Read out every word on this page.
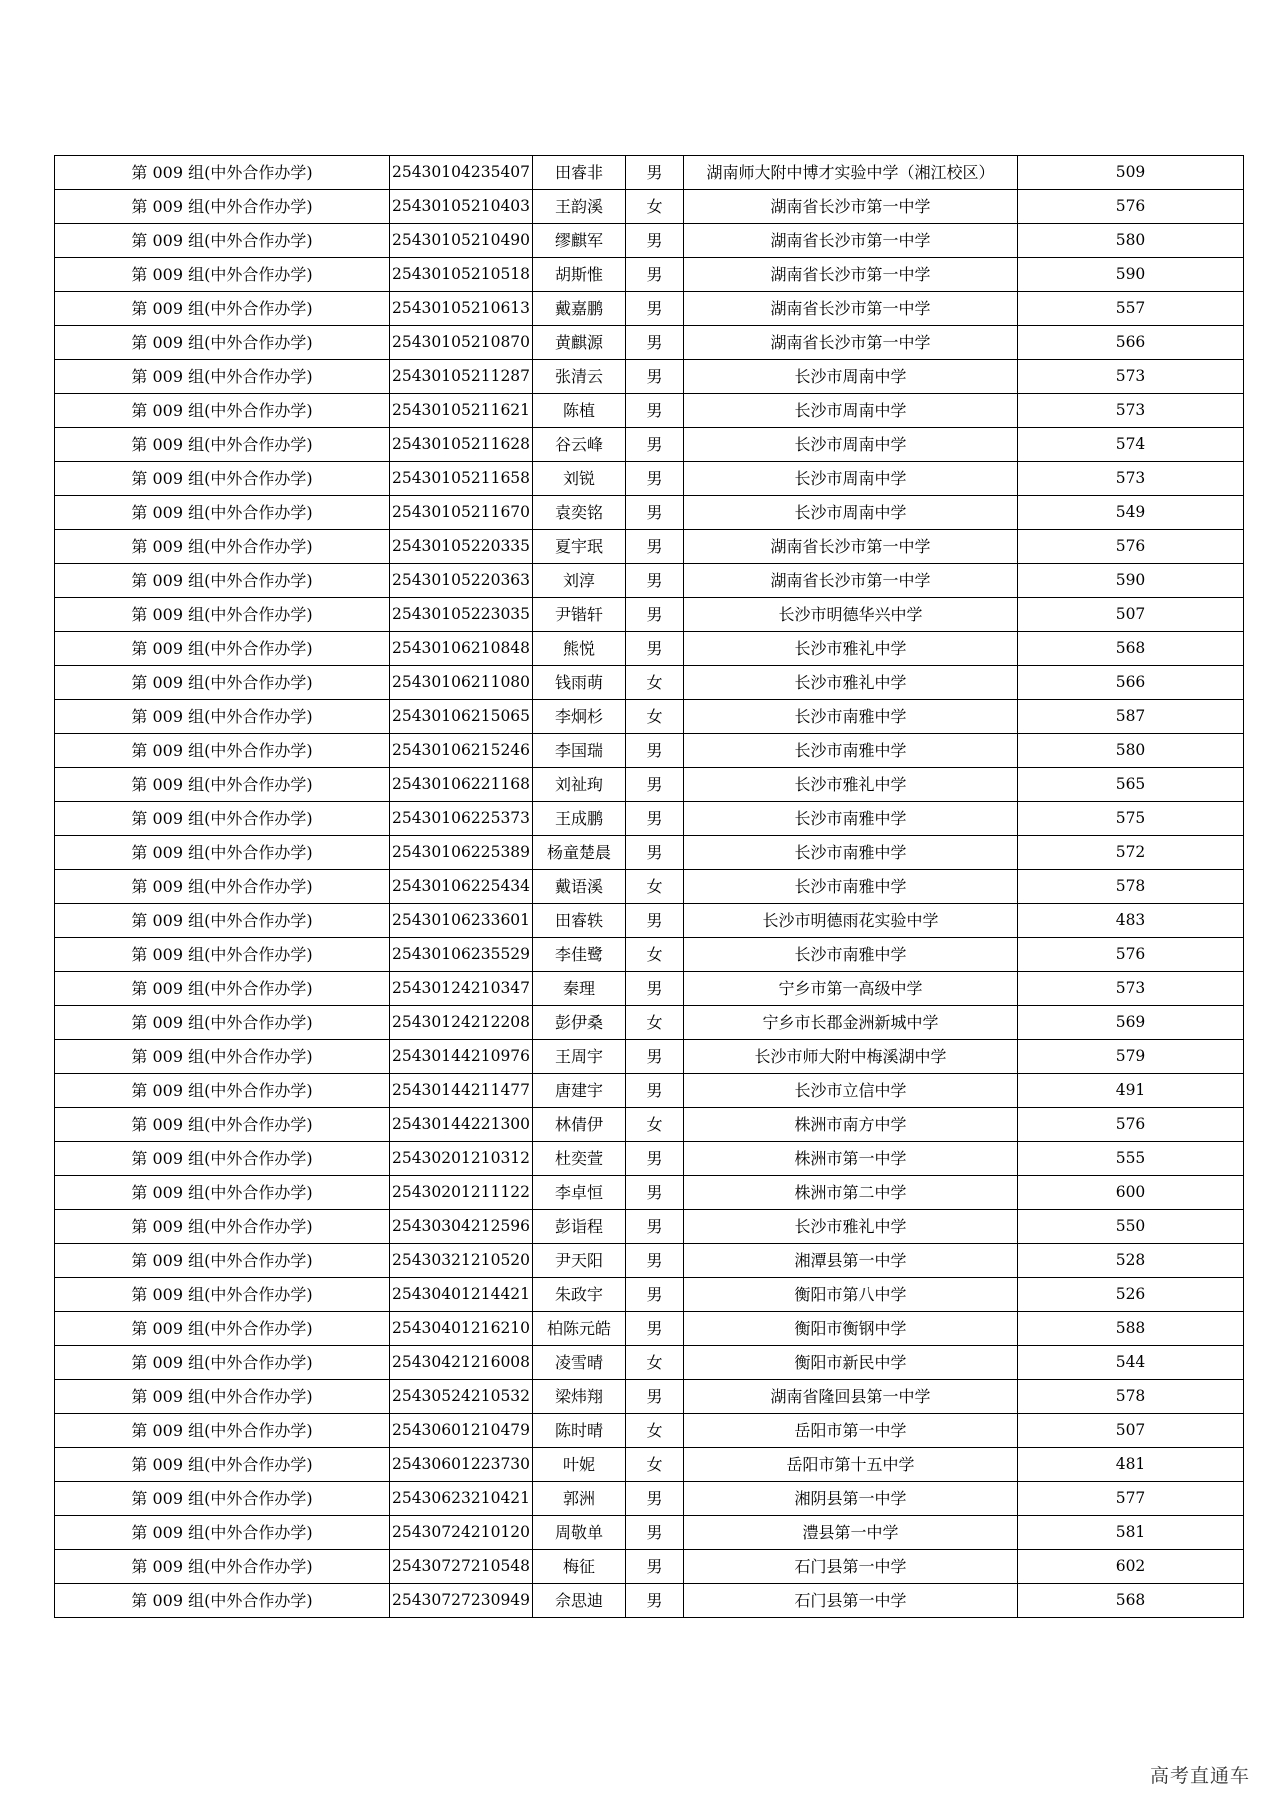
第 009 组(中外合作办学)	25430104235407	田睿非	男	湖南师大附中博才实验中学（湘江校区）	509
第 009 组(中外合作办学)	25430105210403	王韵溪	女	湖南省长沙市第一中学	576
第 009 组(中外合作办学)	25430105210490	缪麒军	男	湖南省长沙市第一中学	580
第 009 组(中外合作办学)	25430105210518	胡斯惟	男	湖南省长沙市第一中学	590
第 009 组(中外合作办学)	25430105210613	戴嘉鹏	男	湖南省长沙市第一中学	557
第 009 组(中外合作办学)	25430105210870	黄麒源	男	湖南省长沙市第一中学	566
第 009 组(中外合作办学)	25430105211287	张清云	男	长沙市周南中学	573
第 009 组(中外合作办学)	25430105211621	陈植	男	长沙市周南中学	573
第 009 组(中外合作办学)	25430105211628	谷云峰	男	长沙市周南中学	574
第 009 组(中外合作办学)	25430105211658	刘锐	男	长沙市周南中学	573
第 009 组(中外合作办学)	25430105211670	袁奕铭	男	长沙市周南中学	549
第 009 组(中外合作办学)	25430105220335	夏宇珉	男	湖南省长沙市第一中学	576
第 009 组(中外合作办学)	25430105220363	刘淳	男	湖南省长沙市第一中学	590
第 009 组(中外合作办学)	25430105223035	尹锴轩	男	长沙市明德华兴中学	507
第 009 组(中外合作办学)	25430106210848	熊悦	男	长沙市雅礼中学	568
第 009 组(中外合作办学)	25430106211080	钱雨萌	女	长沙市雅礼中学	566
第 009 组(中外合作办学)	25430106215065	李炯杉	女	长沙市南雅中学	587
第 009 组(中外合作办学)	25430106215246	李国瑞	男	长沙市南雅中学	580
第 009 组(中外合作办学)	25430106221168	刘祉珣	男	长沙市雅礼中学	565
第 009 组(中外合作办学)	25430106225373	王成鹏	男	长沙市南雅中学	575
第 009 组(中外合作办学)	25430106225389	杨童楚晨	男	长沙市南雅中学	572
第 009 组(中外合作办学)	25430106225434	戴语溪	女	长沙市南雅中学	578
第 009 组(中外合作办学)	25430106233601	田睿轶	男	长沙市明德雨花实验中学	483
第 009 组(中外合作办学)	25430106235529	李佳鹭	女	长沙市南雅中学	576
第 009 组(中外合作办学)	25430124210347	秦理	男	宁乡市第一高级中学	573
第 009 组(中外合作办学)	25430124212208	彭伊桑	女	宁乡市长郡金洲新城中学	569
第 009 组(中外合作办学)	25430144210976	王周宇	男	长沙市师大附中梅溪湖中学	579
第 009 组(中外合作办学)	25430144211477	唐建宇	男	长沙市立信中学	491
第 009 组(中外合作办学)	25430144221300	林倩伊	女	株洲市南方中学	576
第 009 组(中外合作办学)	25430201210312	杜奕萱	男	株洲市第一中学	555
第 009 组(中外合作办学)	25430201211122	李卓恒	男	株洲市第二中学	600
第 009 组(中外合作办学)	25430304212596	彭诣程	男	长沙市雅礼中学	550
第 009 组(中外合作办学)	25430321210520	尹天阳	男	湘潭县第一中学	528
第 009 组(中外合作办学)	25430401214421	朱政宇	男	衡阳市第八中学	526
第 009 组(中外合作办学)	25430401216210	柏陈元皓	男	衡阳市衡钢中学	588
第 009 组(中外合作办学)	25430421216008	凌雪晴	女	衡阳市新民中学	544
第 009 组(中外合作办学)	25430524210532	梁炜翔	男	湖南省隆回县第一中学	578
第 009 组(中外合作办学)	25430601210479	陈时晴	女	岳阳市第一中学	507
第 009 组(中外合作办学)	25430601223730	叶妮	女	岳阳市第十五中学	481
第 009 组(中外合作办学)	25430623210421	郭洲	男	湘阴县第一中学	577
第 009 组(中外合作办学)	25430724210120	周敬单	男	澧县第一中学	581
第 009 组(中外合作办学)	25430727210548	梅征	男	石门县第一中学	602
第 009 组(中外合作办学)	25430727230949	佘思迪	男	石门县第一中学	568
高考直通车
